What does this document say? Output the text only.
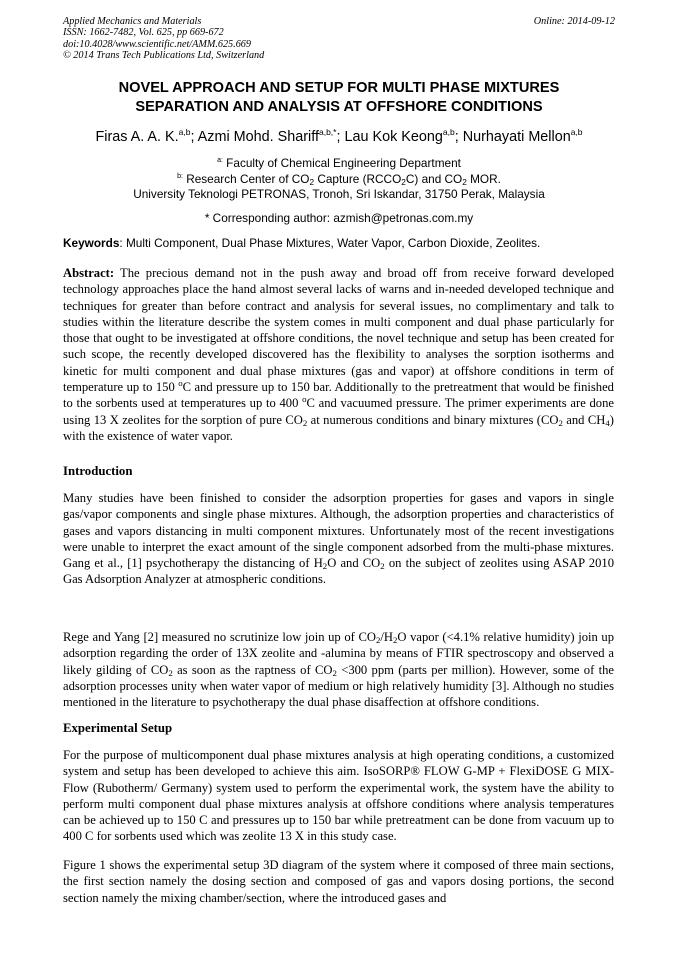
Applied Mechanics and Materials
ISSN: 1662-7482, Vol. 625, pp 669-672
doi:10.4028/www.scientific.net/AMM.625.669
© 2014 Trans Tech Publications Ltd, Switzerland
Online: 2014-09-12
NOVEL APPROACH AND SETUP FOR MULTI PHASE MIXTURES
SEPARATION AND ANALYSIS AT OFFSHORE CONDITIONS
Firas A. A. K.$^{a,b}$; Azmi Mohd. Shariff$^{a,b,*}$; Lau Kok Keong$^{a,b}$; Nurhayati Mellon$^{a,b}$
$^{a:}$ Faculty of Chemical Engineering Department
$^{b:}$ Research Center of $CO_2$ Capture $(RCCO_2C)$ and $CO_2$ MOR.
University Teknologi PETRONAS, Tronoh, Sri Iskandar, 31750 Perak, Malaysia
* Corresponding author: azmish@petronas.com.my
Keywords: Multi Component, Dual Phase Mixtures, Water Vapor, Carbon Dioxide, Zeolites.
Abstract: The precious demand not in the push away and broad off from receive forward developed technology approaches place the hand almost several lacks of warns and in-needed developed technique and techniques for greater than before contract and analysis for several issues, no complimentary and talk to studies within the literature describe the system comes in multi component and dual phase particularly for those that ought to be investigated at offshore conditions, the novel technique and setup has been created for such scope, the recently developed discovered has the flexibility to analyses the sorption isotherms and kinetic for multi component and dual phase mixtures (gas and vapor) at offshore conditions in term of temperature up to 150 $^o$C and pressure up to 150 bar. Additionally to the pretreatment that would be finished to the sorbents used at temperatures up to 400 $^o$C and vacuumed pressure. The primer experiments are done using 13 X zeolites for the sorption of pure $CO_2$ at numerous conditions and binary mixtures ($CO_2$ and $CH_4$) with the existence of water vapor.
Introduction
Many studies have been finished to consider the adsorption properties for gases and vapors in single gas/vapor components and single phase mixtures. Although, the adsorption properties and characteristics of gases and vapors distancing in multi component mixtures. Unfortunately most of the recent investigations were unable to interpret the exact amount of the single component adsorbed from the multi-phase mixtures. Gang et al., [1] psychotherapy the distancing of $H_2O$ and $CO_2$ on the subject of zeolites using ASAP 2010 Gas Adsorption Analyzer at atmospheric conditions.
Rege and Yang [2] measured no scrutinize low join up of $CO_2/H_2O$ vapor (<4.1% relative humidity) join up adsorption regarding the order of 13X zeolite and -alumina by means of FTIR spectroscopy and observed a likely gilding of $CO_2$ as soon as the raptness of $CO_2 <300$ ppm (parts per million). However, some of the adsorption processes unity when water vapor of medium or high relatively humidity [3]. Although no studies mentioned in the literature to psychotherapy the dual phase disaffection at offshore conditions.
Experimental Setup
For the purpose of multicomponent dual phase mixtures analysis at high operating conditions, a customized system and setup has been developed to achieve this aim. IsoSORP® FLOW G-MP + FlexiDOSE G MIX-Flow (Rubotherm/ Germany) system used to perform the experimental work, the system have the ability to perform multi component dual phase mixtures analysis at offshore conditions where analysis temperatures can be achieved up to 150 C and pressures up to 150 bar while pretreatment can be done from vacuum up to 400 C for sorbents used which was zeolite 13 X in this study case.
Figure 1 shows the experimental setup 3D diagram of the system where it composed of three main sections, the first section namely the dosing section and composed of gas and vapors dosing portions, the second section namely the mixing chamber/section, where the introduced gases and
